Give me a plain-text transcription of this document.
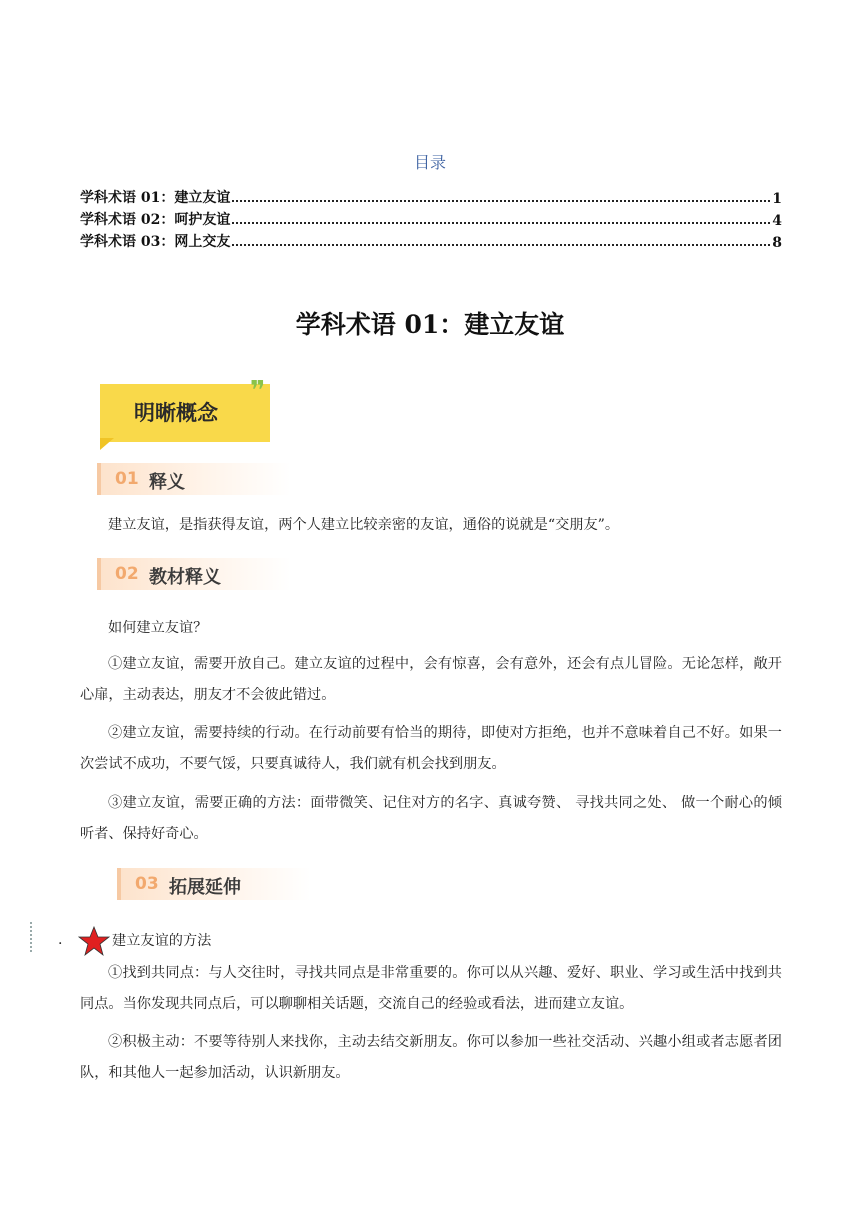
目录
学科术语 01：建立友谊	1
学科术语 02：呵护友谊	4
学科术语 03：网上交友	8
学科术语 01：建立友谊
❞
明晰概念
01 释义

建立友谊，是指获得友谊，两个人建立比较亲密的友谊，通俗的说就是“交朋友”。

02 教材释义

如何建立友谊？

①建立友谊，需要开放自己。建立友谊的过程中，会有惊喜，会有意外，还会有点儿冒险。无论怎样，敞开心扉，主动表达，朋友才不会彼此错过。

②建立友谊，需要持续的行动。在行动前要有恰当的期待，即使对方拒绝，也并不意味着自己不好。如果一次尝试不成功，不要气馁，只要真诚待人，我们就有机会找到朋友。

③建立友谊，需要正确的方法：面带微笑、记住对方的名字、真诚夸赞、 寻找共同之处、 做一个耐心的倾听者、保持好奇心。

03 拓展延伸
.	建立友谊的方法

①找到共同点：与人交往时，寻找共同点是非常重要的。你可以从兴趣、爱好、职业、学习或生活中找到共同点。当你发现共同点后，可以聊聊相关话题，交流自己的经验或看法，进而建立友谊。

②积极主动：不要等待别人来找你，主动去结交新朋友。你可以参加一些社交活动、兴趣小组或者志愿者团队，和其他人一起参加活动，认识新朋友。
